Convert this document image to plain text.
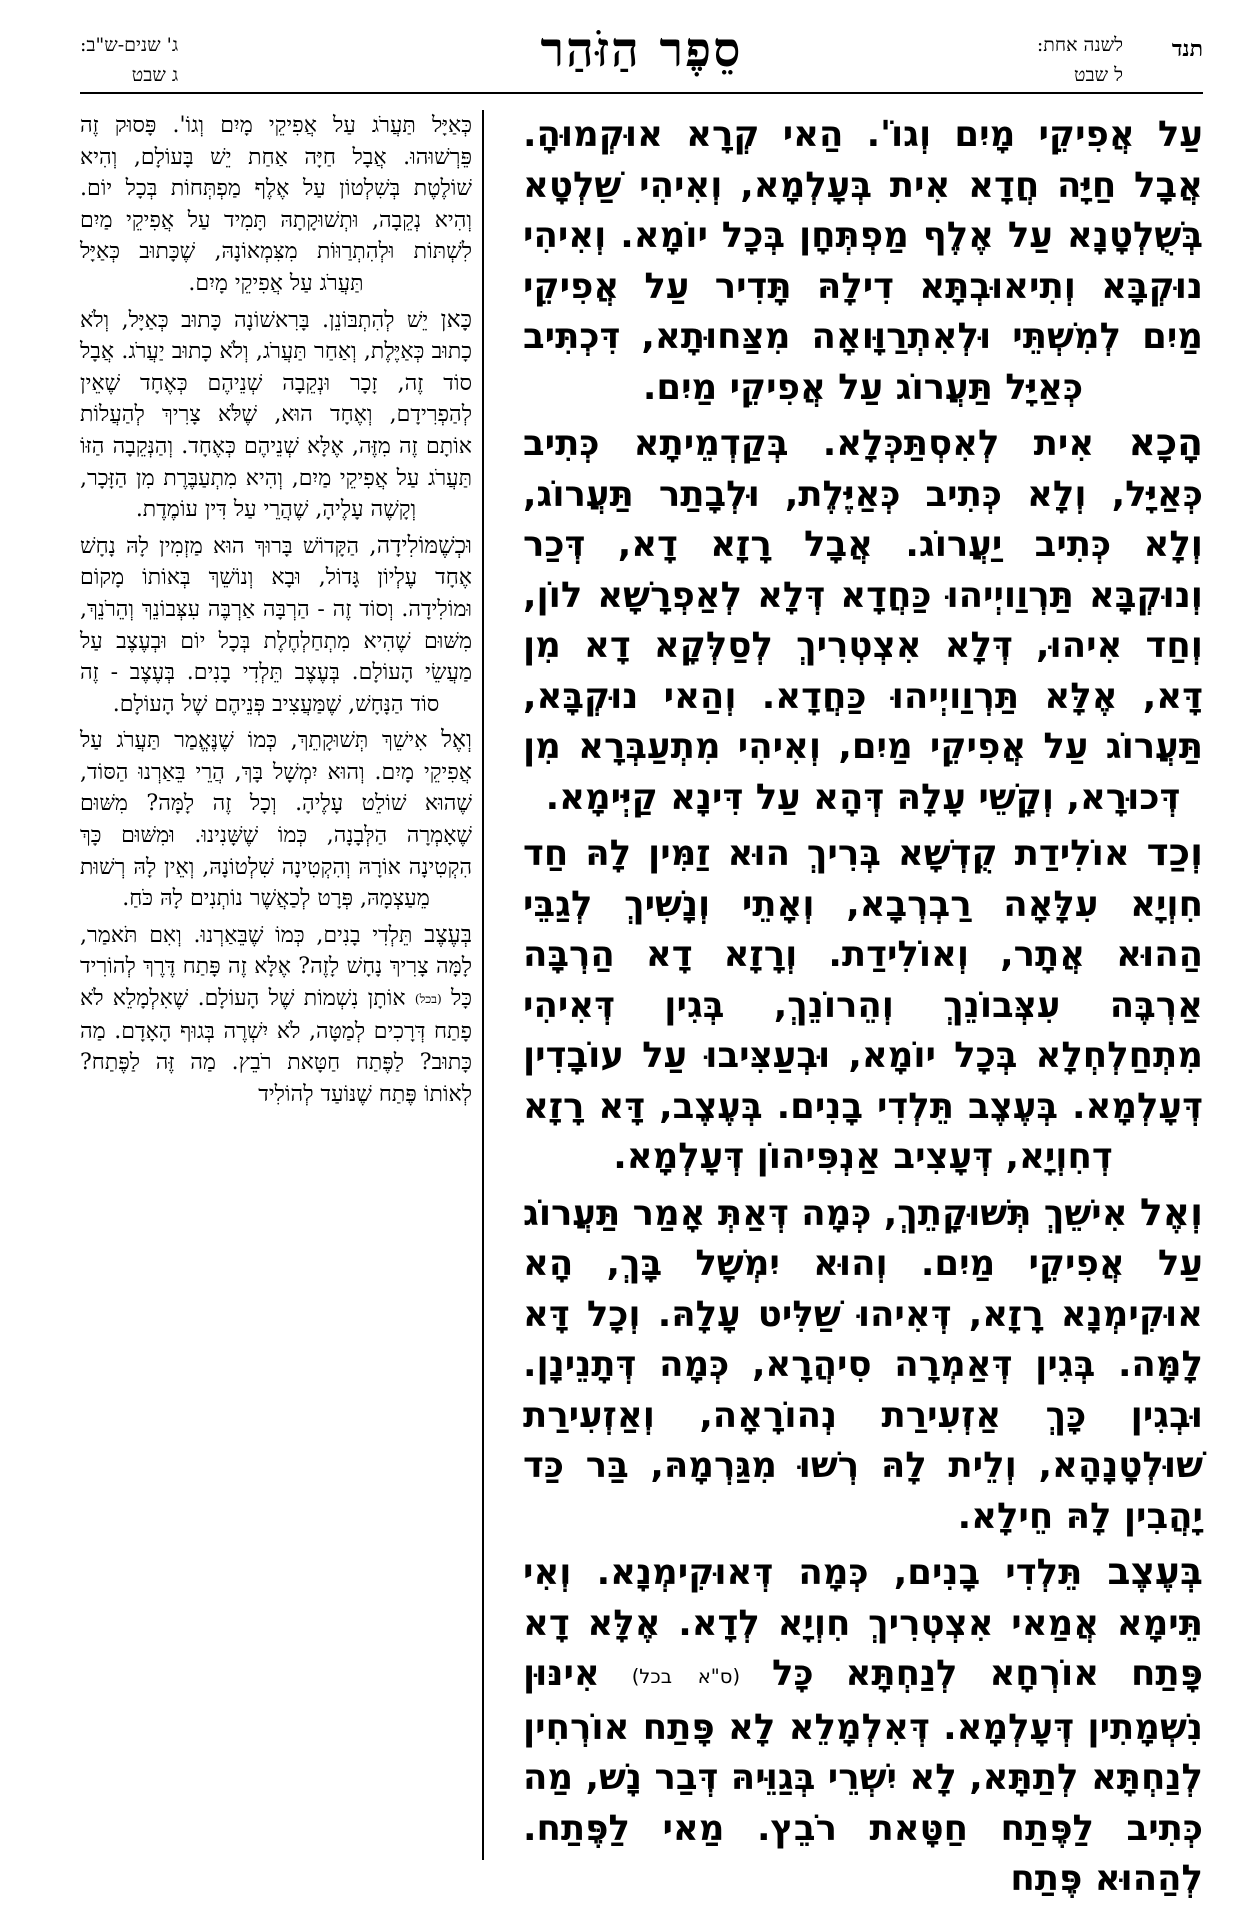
תנד
לשנה אחת:
ל שבט
סֵפֶר הַזֹּהַר
ג' שנים-ש"ב:
ג שבט

עַל אֲפִיקֵי מָיִם וְגוֹ'. הַאי קְרָא אוּקְמוּהָ. אֲבָל חַיָּה חֲדָא אִית בְּעָלְמָא, וְאִיהִי שַׁלְטָא בְּשֻׁלְטָנָא עַל אֶלֶף מַפְתְּחָן בְּכָל יוֹמָא. וְאִיהִי נוּקְבָּא וְתִיאוּבְתָּא דִילָהּ תָּדִיר עַל אֲפִיקֵי מַיִם לְמִשְׁתֵּי וּלְאִתְרַוָּואָה מִצַּחוּתָא, דִּכְתִּיב כְּאַיָּל תַּעֲרוֹג עַל אֲפִיקֵי מַיִם.

הָכָא אִית לְאִסְתַּכְּלָא. בְּקַדְמֵיתָא כְּתִיב כְּאַיָּל, וְלָא כְּתִיב כְּאַיֶּלֶת, וּלְבָתַר תַּעֲרוֹג, וְלָא כְּתִיב יַעֲרוֹג. אֲבָל רָזָא דָא, דְּכַר וְנוּקְבָּא תַּרְוַויְיהוּ כַּחֲדָא דְּלָא לְאַפְרָשָׁא לוֹן, וְחַד אִיהוּ, דְּלָא אִצְטְרִיךְ לְסַלְּקָא דָא מִן דָּא, אֶלָּא תַּרְוַויְיהוּ כַּחֲדָא. וְהַאי נוּקְבָּא, תַּעֲרוֹג עַל אֲפִיקֵי מַיִם, וְאִיהִי מִתְעַבְּרָא מִן דְּכוּרָא, וְקָשֵׁי עָלָהּ דְּהָא עַל דִּינָא קַיְּימָא.

וְכַד אוֹלִידַת קֻדְשָׁא בְּרִיךְ הוּא זַמִּין לָהּ חַד חִוְיָא עִלָּאָה רַבְרְבָא, וְאָתֵי וְנָשִׁיךְ לְגַבֵּי הַהוּא אֲתָר, וְאוֹלִידַת. וְרָזָא דָא הַרְבָּה אַרְבֶּה עִצְּבוֹנֵךְ וְהֵרוֹנֵךְ, בְּגִין דְּאִיהִי מִתְחַלְחְלָא בְּכָל יוֹמָא, וּבְעַצִּיבוּ עַל עוֹבָדִין דְּעָלְמָא. בְּעֶצֶב תֵּלְדִי בָנִים. בְּעֶצֶב, דָּא רָזָא דְחִוְיָא, דְּעָצִיב אַנְפִּיהוֹן דְּעָלְמָא.

וְאֶל אִישֵׁךְ תְּשׁוּקָתֵךְ, כְּמָה דְּאַתְּ אָמַר תַּעֲרוֹג עַל אֲפִיקֵי מַיִם. וְהוּא יִמְשָׁל בָּךְ, הָא אוּקִימְנָא רָזָא, דְּאִיהוּ שַׁלִּיט עָלָהּ. וְכָל דָּא לָמָּה. בְּגִין דְּאַמְרָה סִיהֲרָא, כְּמָה דְּתָנֵינָן. וּבְגִין כָּךְ אַזְעִירַת נְהוֹרָאָה, וְאַזְעִירַת שׁוּלְטָנָהָא, וְלֵית לָהּ רְשׁוּ מִגַּרְמָהּ, בַּר כַּד יָהֲבִין לָהּ חֵילָא.

בְּעֶצֶב תֵּלְדִי בָנִים, כְּמָה דְּאוּקִימְנָא. וְאִי תֵּימָא אֲמַאי אִצְטְרִיךְ חִוְיָא לְדָא. אֶלָּא דָא פָּתַח אוֹרְחָא לְנַחְתָּא כָּל (ס"א בכל) אִינּוּן נִשְׁמָתִין דְּעָלְמָא. דְּאִלְמָלֵא לָא פָּתַח אוֹרְחִין לְנַחְתָּא לְתַתָּא, לָא יִשְׁרֵי בְּגַוֵּיהּ דְּבַר נָשׁ, מַה כְּתִיב לַפֶּתַח חַטָּאת רֹבֵץ. מַאי לַפֶּתַח. לְהַהוּא פֶּתַח

כְּאַיָּל תַּעֲרֹג עַל אֲפִיקֵי מָיִם וְגוֹ'. פָּסוּק זֶה פֵּרְשׁוּהוּ. אֲבָל חַיָּה אַחַת יֵשׁ בָּעוֹלָם, וְהִיא שׁוֹלֶטֶת בְּשִׁלְטוֹן עַל אֶלֶף מַפְתְּחוֹת בְּכָל יוֹם. וְהִיא נְקֵבָה, וּתְשׁוּקָתָהּ תָּמִיד עַל אֲפִיקֵי מַיִם לִשְׁתּוֹת וּלְהִתְרַוּוֹת מִצִּמְאוֹנָהּ, שֶׁכָּתוּב כְּאַיָּל תַּעֲרֹג עַל אֲפִיקֵי מָיִם.

כָּאן יֵשׁ לְהִתְבּוֹנֵן. בָּרִאשׁוֹנָה כָּתוּב כְּאַיָּל, וְלֹא כָתוּב כְּאַיֶּלֶת, וְאַחַר תַּעֲרֹג, וְלֹא כָתוּב יַעֲרֹג. אֲבָל סוֹד זֶה, זָכָר וּנְקֵבָה שְׁנֵיהֶם כְּאֶחָד שֶׁאֵין לְהַפְרִידָם, וְאֶחָד הוּא, שֶׁלֹּא צָרִיךְ לְהַעֲלוֹת אוֹתָם זֶה מִזֶּה, אֶלָּא שְׁנֵיהֶם כְּאֶחָד. וְהַנְּקֵבָה הַזּוֹ תַּעֲרֹג עַל אֲפִיקֵי מַיִם, וְהִיא מִתְעַבֶּרֶת מִן הַזָּכָר, וְקָשֶׁה עָלֶיהָ, שֶׁהֲרֵי עַל דִּין עוֹמֶדֶת.

וּכְשֶׁמּוֹלִידָה, הַקָּדוֹשׁ בָּרוּךְ הוּא מַזְמִין לָהּ נָחָשׁ אֶחָד עֶלְיוֹן גָּדוֹל, וּבָא וְנוֹשֵׁךְ בְּאוֹתוֹ מָקוֹם וּמוֹלִידָה. וְסוֹד זֶה - הַרְבָּה אַרְבֶּה עִצְּבוֹנֵךְ וְהֵרֹנֵךְ, מִשּׁוּם שֶׁהִיא מִתְחַלְחֶלֶת בְּכָל יוֹם וּבְעֶצֶב עַל מַעֲשֵׂי הָעוֹלָם. בְּעֶצֶב תֵּלְדִי בָנִים. בְּעֶצֶב - זֶה סוֹד הַנָּחָשׁ, שֶׁמַּעֲצִיב פְּנֵיהֶם שֶׁל הָעוֹלָם.

וְאֶל אִישֵׁךְ תְּשׁוּקָתֵךְ, כְּמוֹ שֶׁנֶּאֱמַר תַּעֲרֹג עַל אֲפִיקֵי מָיִם. וְהוּא יִמְשָׁל בָּךְ, הֲרֵי בֵּאַרְנוּ הַסּוֹד, שֶׁהוּא שׁוֹלֵט עָלֶיהָ. וְכָל זֶה לָמָּה? מִשּׁוּם שֶׁאָמְרָה הַלְּבָנָה, כְּמוֹ שֶׁשָּׁנִינוּ. וּמִשּׁוּם כָּךְ הִקְטִינָה אוֹרָהּ וְהִקְטִינָה שִׁלְטוֹנָהּ, וְאֵין לָהּ רְשׁוּת מֵעַצְמָהּ, פְּרָט לְכַאֲשֶׁר נוֹתְנִים לָהּ כֹּחַ.

בְּעֶצֶב תֵּלְדִי בָנִים, כְּמוֹ שֶׁבֵּאַרְנוּ. וְאִם תֹּאמַר, לָמָּה צָרִיךְ נָחָשׁ לָזֶה? אֶלָּא זֶה פָּתַח דֶּרֶךְ לְהוֹרִיד כָּל (בכל) אוֹתָן נִשְׁמוֹת שֶׁל הָעוֹלָם. שֶׁאִלְמָלֵא לֹא פָתַח דְּרָכִים לְמַטָּה, לֹא יִשְׁרֶה בְּגוּף הָאָדָם. מַה כָּתוּב? לַפֶּתַח חַטָּאת רֹבֵץ. מַה זֶּה לַפֶּתַח? לְאוֹתוֹ פֶּתַח שֶׁנּוֹעַד לְהוֹלִיד
